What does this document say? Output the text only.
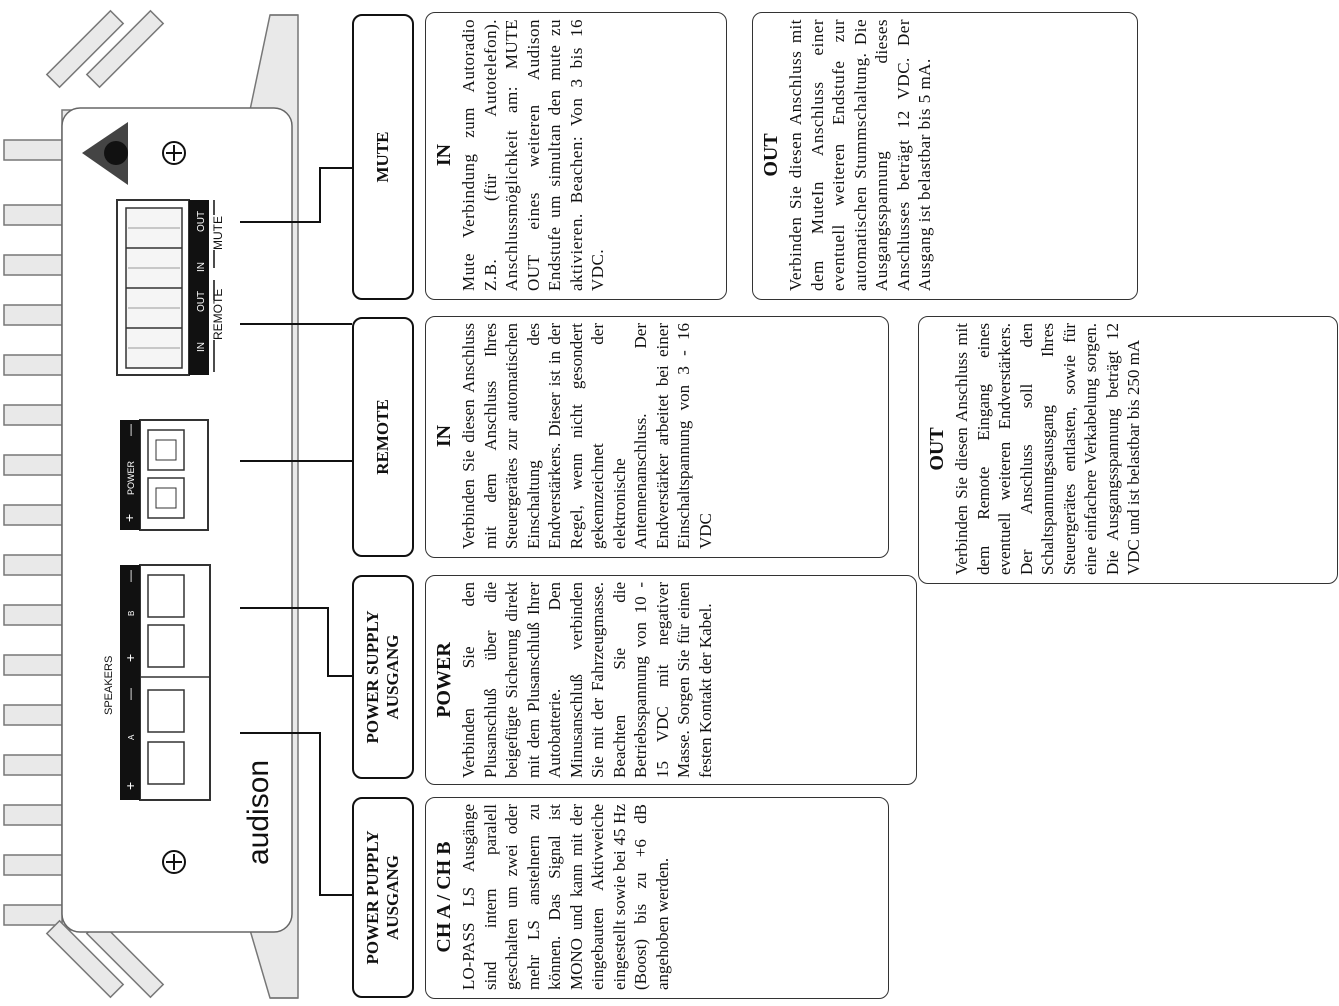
audison
IN
OUT
IN
OUT
REMOTE
MUTE
—
POWER
+
SPEAKERS
—
B
+
—
A
+
POWER PUPPLY AUSGANG
POWER SUPPLY AUSGANG
REMOTE
MUTE
CH A / CH B LO-PASS LS Ausgänge sind intern paralell geschalten um zwei oder mehr LS anstelnern zu können. Das Signal ist MONO und kann mit der eingebauten Aktivweiche eingestellt sowie bei 45 Hz (Boost) bis zu +6 dB angehoben werden.

POWER Verbinden Sie den Plusanschluß über die beigefügte Sicherung direkt mit dem Plusanschluß Ihrer Autobatterie. Den Minusanschluß verbinden Sie mit der Fahrzeugmasse. Beachten Sie die Betriebsspannung von 10 - 15 VDC mit negativer Masse. Sorgen Sie für einen festen Kontakt der Kabel.

IN Verbinden Sie diesen Anschluss mit dem Anschluss Ihres Steuergerätes zur automatischen Einschaltung des Endverstärkers. Dieser ist in der Regel, wenn nicht gesondert gekennzeichnet der elektronische Antennenanschluss. Der Endverstärker arbeitet bei einer Einschaltspannung von 3 - 16 VDC

OUT Verbinden Sie diesen Anschluss mit dem Remote Eingang eines eventuell weiteren Endverstärkers. Der Anschluss soll den Schaltspannungsausgang Ihres Steuergerätes entlasten, sowie für eine einfachere Verkabelung sorgen. Die Ausgangsspannung beträgt 12 VDC und ist belastbar bis 250 mA

IN Mute Verbindung zum Autoradio Z.B. (für Autotelefon). Anschlussmöglichkeit am: MUTE OUT eines weiteren Audison Endstufe um simultan den mute zu aktivieren. Beachen: Von 3 bis 16 VDC.

OUT Verbinden Sie diesen Anschluss mit dem MuteIn Anschluss einer eventuell weiteren Endstufe zur automatischen Stummschaltung. Die Ausgangsspannung dieses Anschlusses beträgt 12 VDC. Der Ausgang ist belastbar bis 5 mA.
